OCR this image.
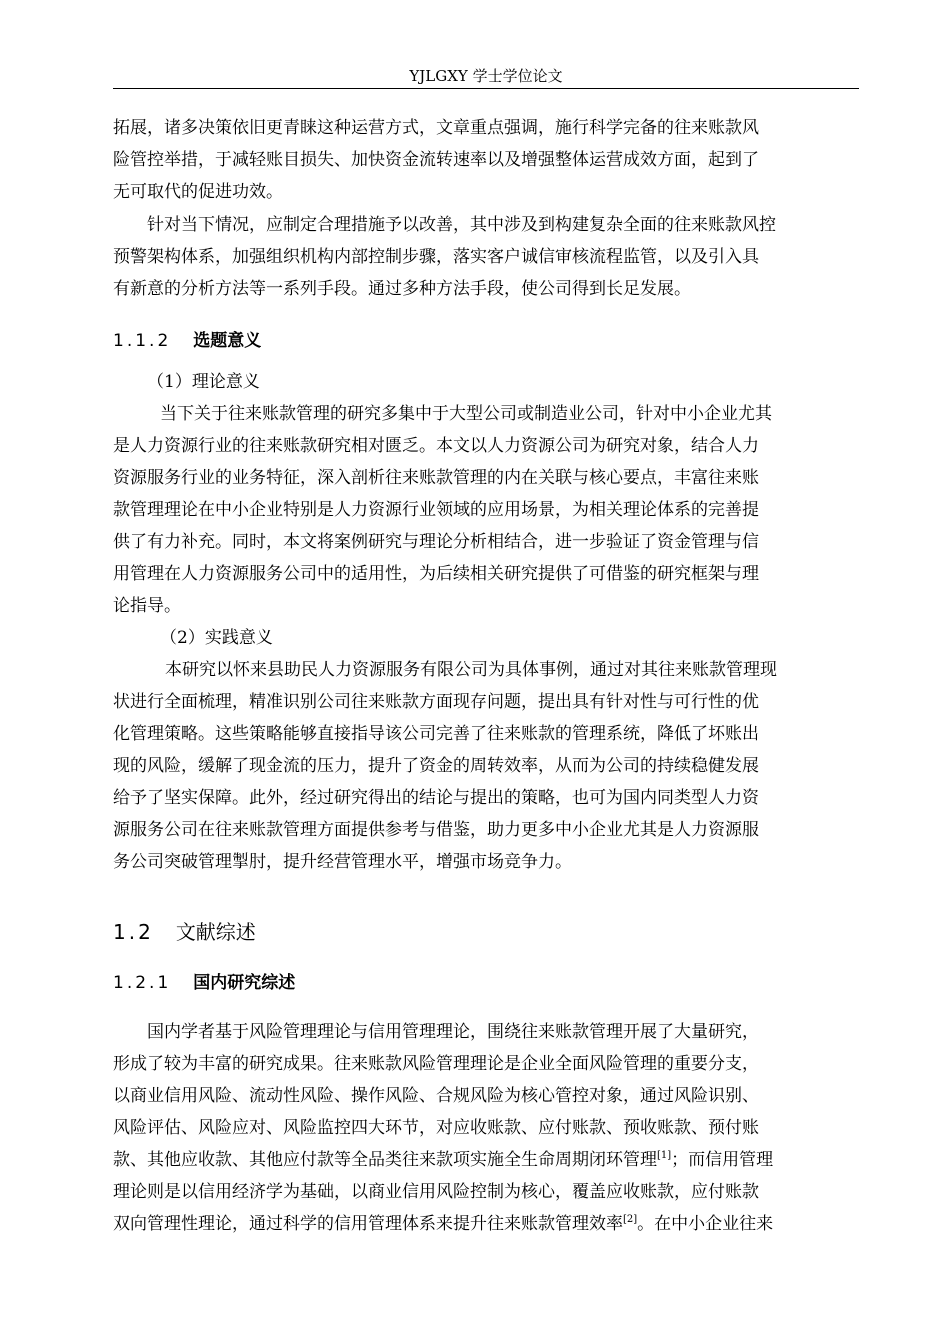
YJLGXY 学士学位论文
拓展，诸多决策依旧更青睐这种运营方式，文章重点强调，施行科学完备的往来账款风
险管控举措，于减轻账目损失、加快资金流转速率以及增强整体运营成效方面，起到了
无可取代的促进功效。
针对当下情况，应制定合理措施予以改善，其中涉及到构建复杂全面的往来账款风控
预警架构体系，加强组织机构内部控制步骤，落实客户诚信审核流程监管，以及引入具
有新意的分析方法等一系列手段。通过多种方法手段，使公司得到长足发展。
1.1.2 选题意义
（1）理论意义
当下关于往来账款管理的研究多集中于大型公司或制造业公司，针对中小企业尤其
是人力资源行业的往来账款研究相对匮乏。本文以人力资源公司为研究对象，结合人力
资源服务行业的业务特征，深入剖析往来账款管理的内在关联与核心要点，丰富往来账
款管理理论在中小企业特别是人力资源行业领域的应用场景，为相关理论体系的完善提
供了有力补充。同时，本文将案例研究与理论分析相结合，进一步验证了资金管理与信
用管理在人力资源服务公司中的适用性，为后续相关研究提供了可借鉴的研究框架与理
论指导。
（2）实践意义
本研究以怀来县助民人力资源服务有限公司为具体事例，通过对其往来账款管理现
状进行全面梳理，精准识别公司往来账款方面现存问题，提出具有针对性与可行性的优
化管理策略。这些策略能够直接指导该公司完善了往来账款的管理系统，降低了坏账出
现的风险，缓解了现金流的压力，提升了资金的周转效率，从而为公司的持续稳健发展
给予了坚实保障。此外，经过研究得出的结论与提出的策略，也可为国内同类型人力资
源服务公司在往来账款管理方面提供参考与借鉴，助力更多中小企业尤其是人力资源服
务公司突破管理掣肘，提升经营管理水平，增强市场竞争力。
1.2 文献综述
1.2.1 国内研究综述
国内学者基于风险管理理论与信用管理理论，围绕往来账款管理开展了大量研究，
形成了较为丰富的研究成果。往来账款风险管理理论是企业全面风险管理的重要分支，
以商业信用风险、流动性风险、操作风险、合规风险为核心管控对象，通过风险识别、
风险评估、风险应对、风险监控四大环节，对应收账款、应付账款、预收账款、预付账
款、其他应收款、其他应付款等全品类往来款项实施全生命周期闭环管理[1]；而信用管理
理论则是以信用经济学为基础，以商业信用风险控制为核心，覆盖应收账款，应付账款
双向管理性理论，通过科学的信用管理体系来提升往来账款管理效率[2]。在中小企业往来
